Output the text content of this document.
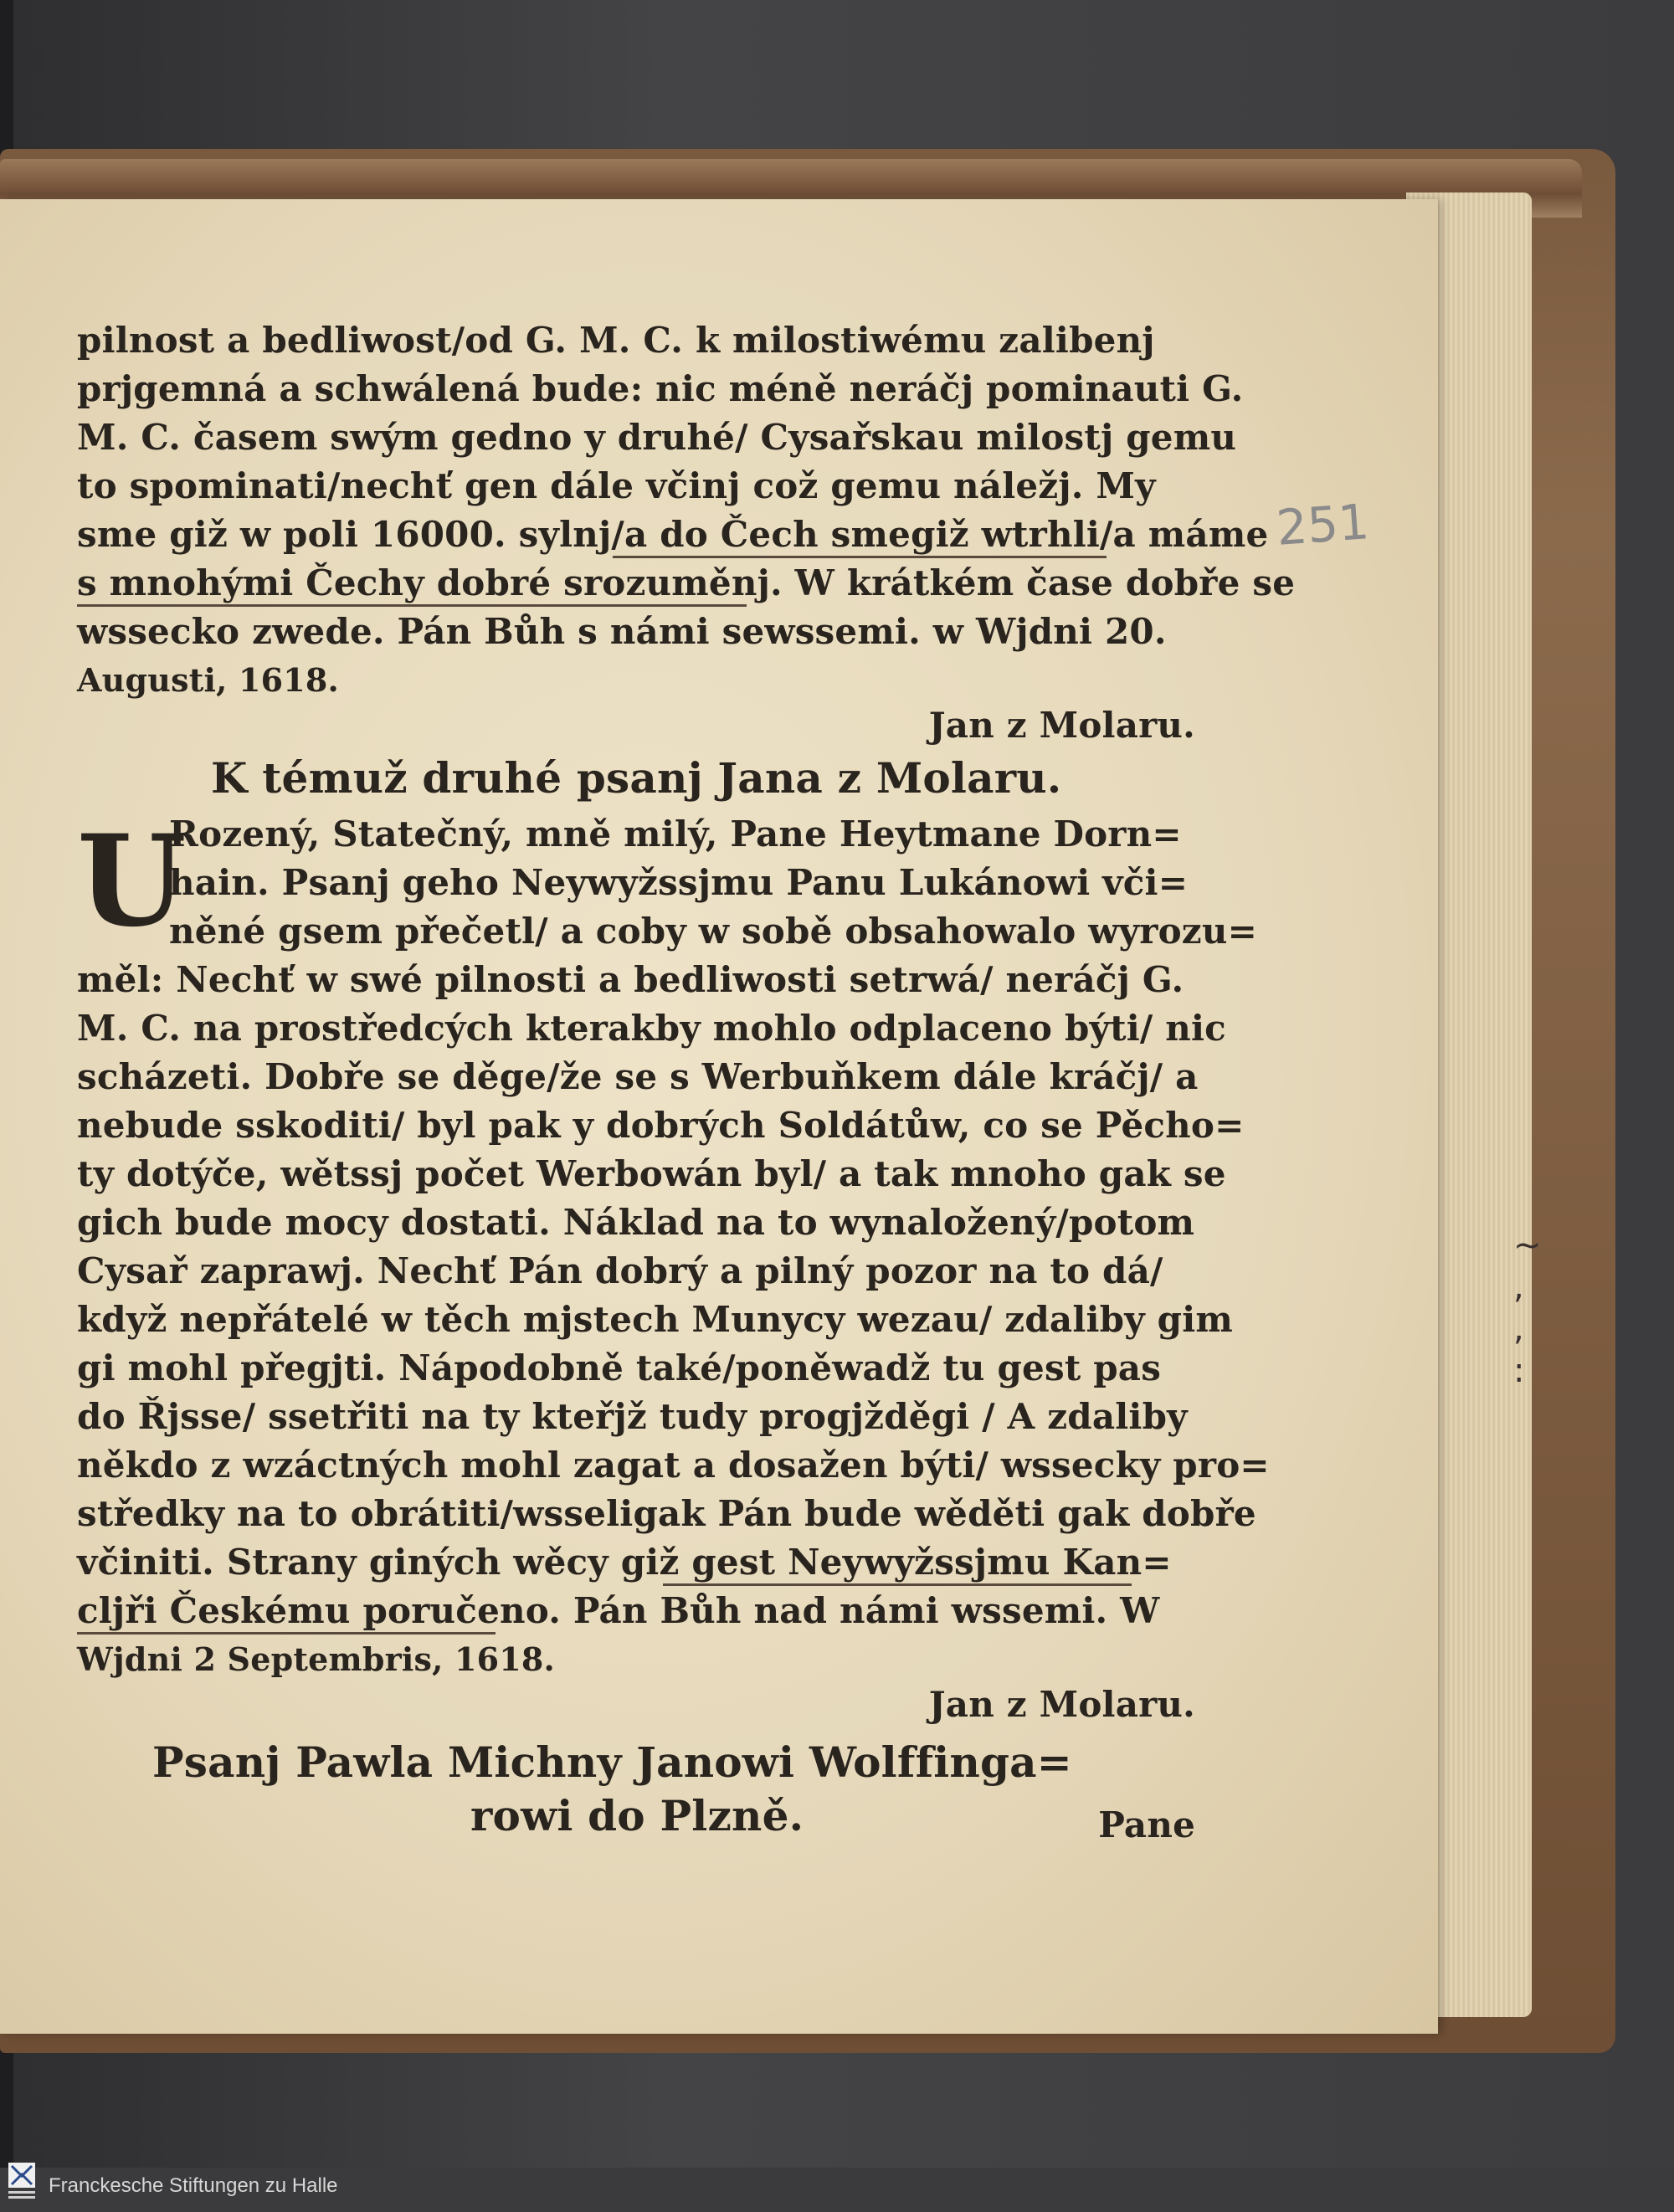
251
~
,
,
:
pilnost a bedliwost/od G. M. C. k milostiwému zalibenj
prjgemná a schwálená bude: nic méně neráčj pominauti G.
M. C. časem swým gedno y druhé/ Cysařskau milostj gemu
to spominati/nechť gen dále včinj což gemu náležj. My
sme giž w poli 16000. sylnj/a do Čech smegiž wtrhli/a máme
s mnohými Čechy dobré srozuměnj. W krátkém čase dobře se
wssecko zwede. Pán Bůh s námi sewssemi. w Wjdni 20.
Augusti, 1618.
Jan z Molaru.
K témuž druhé psanj Jana z Molaru.
U
Rozený, Statečný, mně milý, Pane Heytmane Dorn=
hain. Psanj geho Neywyžssjmu Panu Lukánowi vči=
něné gsem přečetl/ a coby w sobě obsahowalo wyrozu=
měl: Nechť w swé pilnosti a bedliwosti setrwá/ neráčj G.
M. C. na prostředcých kterakby mohlo odplaceno býti/ nic
scházeti. Dobře se děge/že se s Werbuňkem dále kráčj/ a
nebude sskoditi/ byl pak y dobrých Soldátůw, co se Pěcho=
ty dotýče, wětssj počet Werbowán byl/ a tak mnoho gak se
gich bude mocy dostati. Náklad na to wynaložený/potom
Cysař zaprawj. Nechť Pán dobrý a pilný pozor na to dá/
když nepřátelé w těch mjstech Munycy wezau/ zdaliby gim
gi mohl přegjti. Nápodobně také/poněwadž tu gest pas
do Řjsse/ ssetřiti na ty kteřjž tudy progjžděgi / A zdaliby
někdo z wzáctných mohl zagat a dosažen býti/ wssecky pro=
středky na to obrátiti/wsseligak Pán bude wěděti gak dobře
včiniti. Strany giných wěcy giž gest Neywyžssjmu Kan=
cljři Českému poručeno. Pán Bůh nad námi wssemi. W
Wjdni 2 Septembris, 1618.
Jan z Molaru.
Psanj Pawla Michny Janowi Wolffinga=
rowi do Plzně.	Pane
Franckesche Stiftungen zu Halle
